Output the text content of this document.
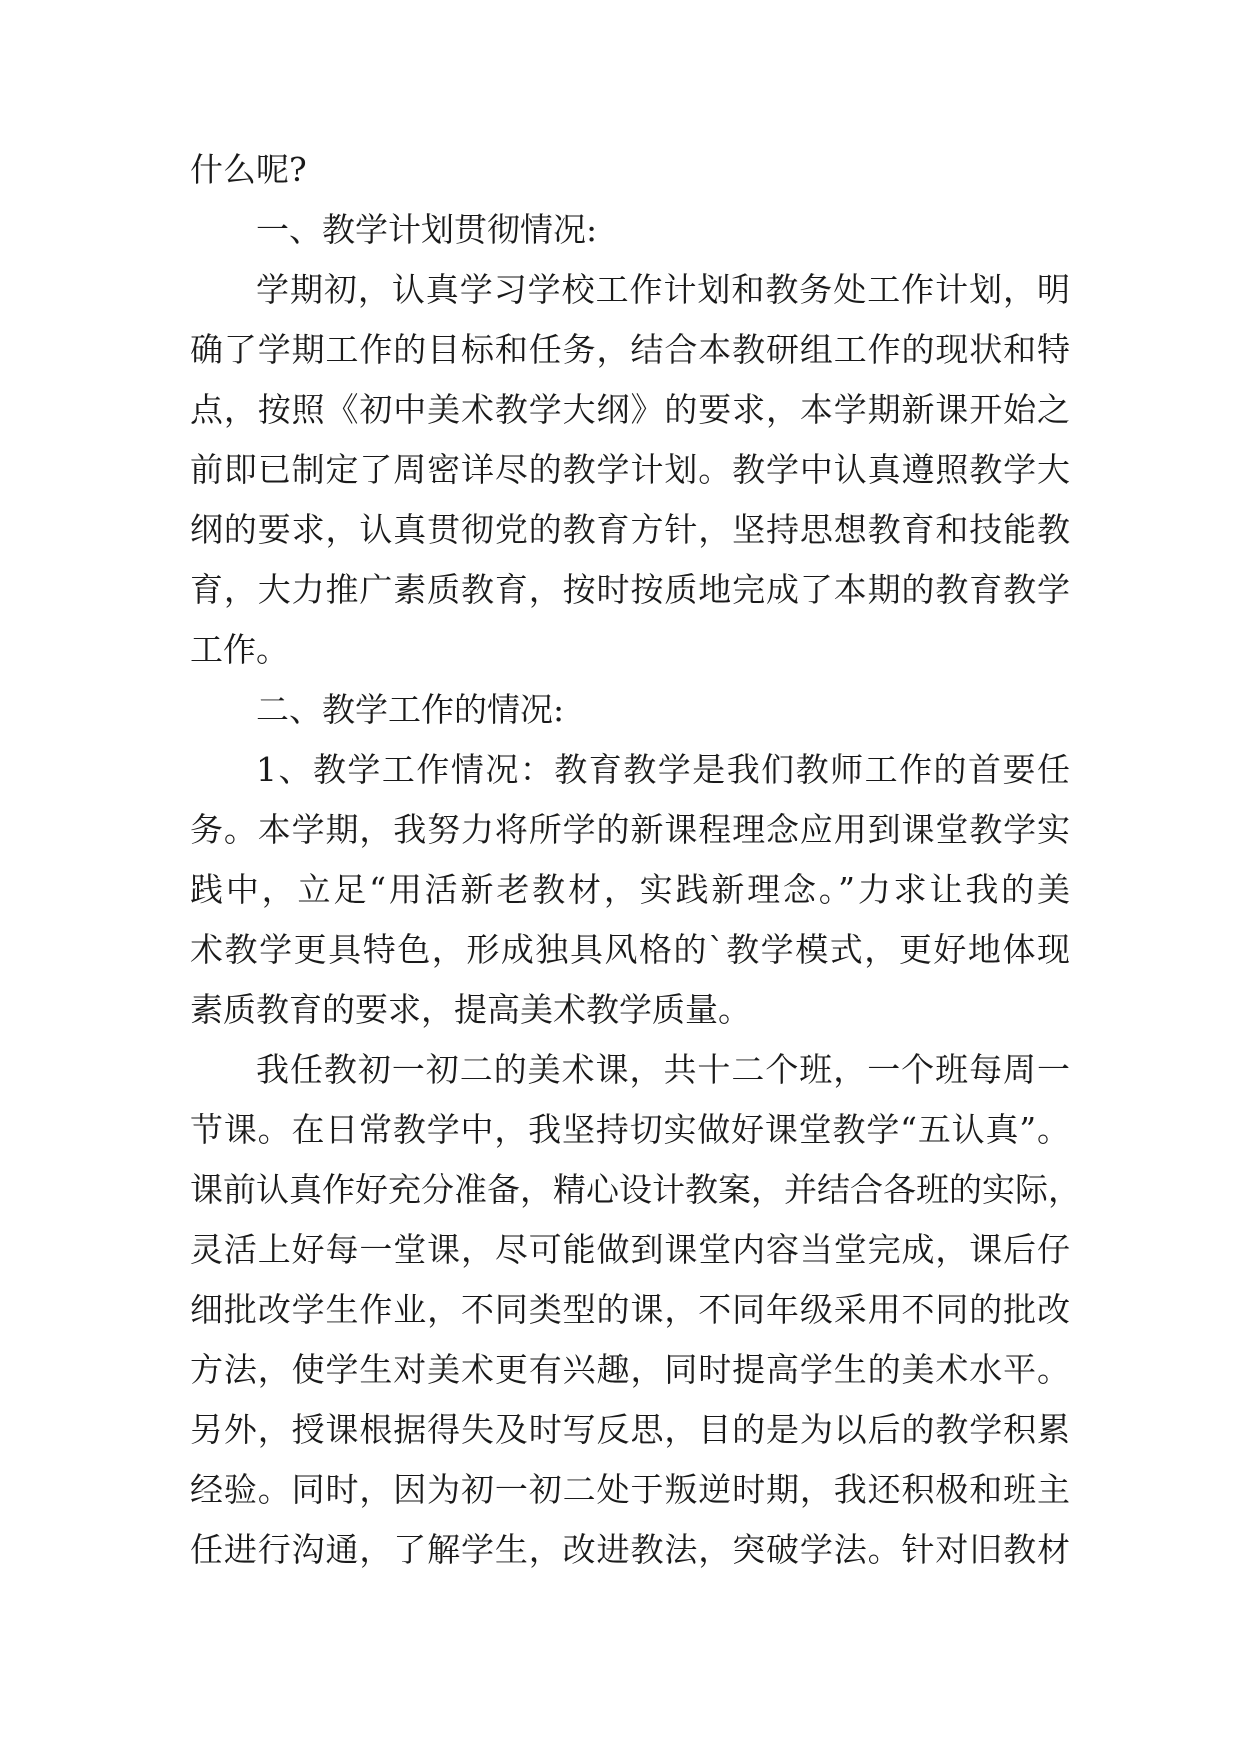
什么呢?
一、教学计划贯彻情况:
学期初，认真学习学校工作计划和教务处工作计划，明
确了学期工作的目标和任务，结合本教研组工作的现状和特
点，按照《初中美术教学大纲》的要求，本学期新课开始之
前即已制定了周密详尽的教学计划。教学中认真遵照教学大
纲的要求，认真贯彻党的教育方针，坚持思想教育和技能教
育，大力推广素质教育，按时按质地完成了本期的教育教学
工作。
二、教学工作的情况:
1、教学工作情况：教育教学是我们教师工作的首要任
务。本学期，我努力将所学的新课程理念应用到课堂教学实
践中，立足“用活新老教材，实践新理念。”力求让我的美
术教学更具特色，形成独具风格的`教学模式，更好地体现
素质教育的要求，提高美术教学质量。
我任教初一初二的美术课，共十二个班，一个班每周一
节课。在日常教学中，我坚持切实做好课堂教学“五认真”。
课前认真作好充分准备，精心设计教案，并结合各班的实际，
灵活上好每一堂课，尽可能做到课堂内容当堂完成，课后仔
细批改学生作业，不同类型的课，不同年级采用不同的批改
方法，使学生对美术更有兴趣，同时提高学生的美术水平。
另外，授课根据得失及时写反思，目的是为以后的教学积累
经验。同时，因为初一初二处于叛逆时期，我还积极和班主
任进行沟通，了解学生，改进教法，突破学法。针对旧教材
